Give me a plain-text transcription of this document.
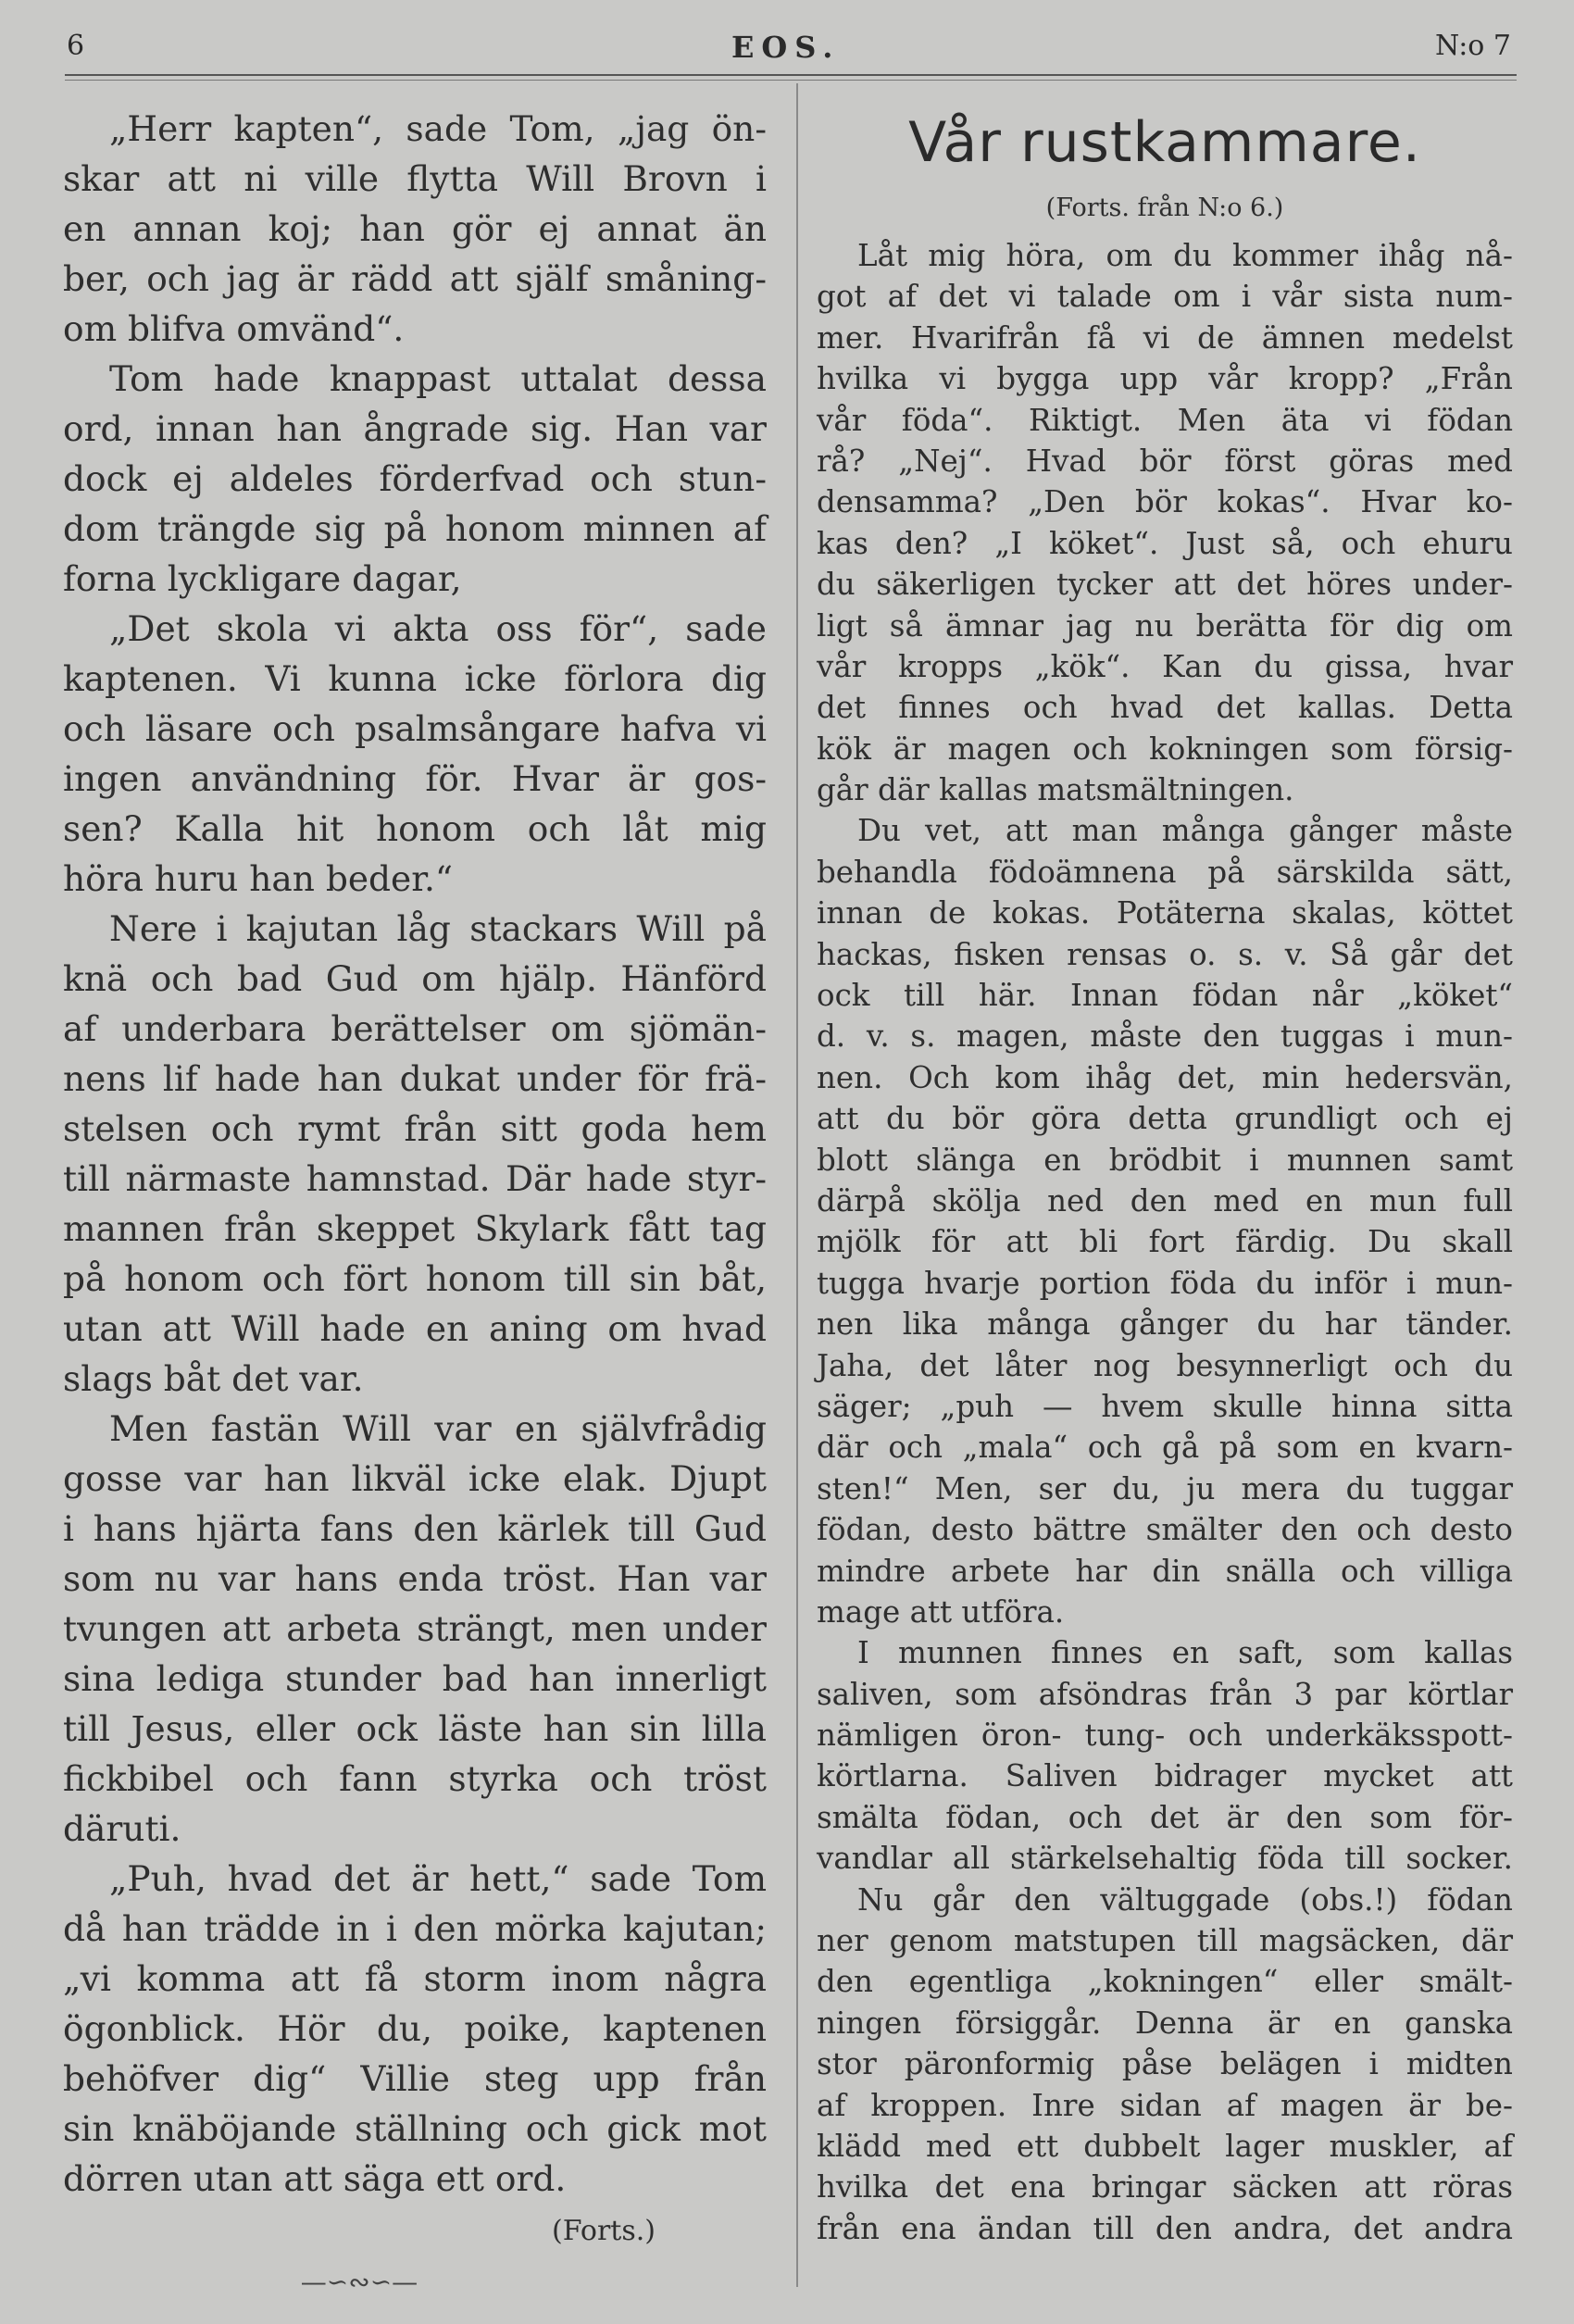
6	EOS.	N:o 7
„Herr kapten“, sade Tom, „jag ön-
skar att ni ville flytta Will Brovn i
en annan koj; han gör ej annat än
ber, och jag är rädd att själf småning-
om blifva omvänd“.
Tom hade knappast uttalat dessa
ord, innan han ångrade sig. Han var
dock ej aldeles förderfvad och stun-
dom trängde sig på honom minnen af
forna lyckligare dagar,
„Det skola vi akta oss för“, sade
kaptenen. Vi kunna icke förlora dig
och läsare och psalmsångare hafva vi
ingen användning för. Hvar är gos-
sen? Kalla hit honom och låt mig
höra huru han beder.“
Nere i kajutan låg stackars Will på
knä och bad Gud om hjälp. Hänförd
af underbara berättelser om sjömän-
nens lif hade han dukat under för frä-
stelsen och rymt från sitt goda hem
till närmaste hamnstad. Där hade styr-
mannen från skeppet Skylark fått tag
på honom och fört honom till sin båt,
utan att Will hade en aning om hvad
slags båt det var.
Men fastän Will var en självfrådig
gosse var han likväl icke elak. Djupt
i hans hjärta fans den kärlek till Gud
som nu var hans enda tröst. Han var
tvungen att arbeta strängt, men under
sina lediga stunder bad han innerligt
till Jesus, eller ock läste han sin lilla
fickbibel och fann styrka och tröst
däruti.
„Puh, hvad det är hett,“ sade Tom
då han trädde in i den mörka kajutan;
„vi komma att få storm inom några
ögonblick. Hör du, poike, kaptenen
behöfver dig“ Villie steg upp från
sin knäböjande ställning och gick mot
dörren utan att säga ett ord.
(Forts.)
—∽∾∽—
Vår rustkammare.
(Forts. från N:o 6.)
Låt mig höra, om du kommer ihåg nå-
got af det vi talade om i vår sista num-
mer. Hvarifrån få vi de ämnen medelst
hvilka vi bygga upp vår kropp? „Från
vår föda“. Riktigt. Men äta vi födan
rå? „Nej“. Hvad bör först göras med
densamma? „Den bör kokas“. Hvar ko-
kas den? „I köket“. Just så, och ehuru
du säkerligen tycker att det höres under-
ligt så ämnar jag nu berätta för dig om
vår kropps „kök“. Kan du gissa, hvar
det finnes och hvad det kallas. Detta
kök är magen och kokningen som försig-
går där kallas matsmältningen.
Du vet, att man många gånger måste
behandla födoämnena på särskilda sätt,
innan de kokas. Potäterna skalas, köttet
hackas, fisken rensas o. s. v. Så går det
ock till här. Innan födan når „köket“
d. v. s. magen, måste den tuggas i mun-
nen. Och kom ihåg det, min hedersvän,
att du bör göra detta grundligt och ej
blott slänga en brödbit i munnen samt
därpå skölja ned den med en mun full
mjölk för att bli fort färdig. Du skall
tugga hvarje portion föda du inför i mun-
nen lika många gånger du har tänder.
Jaha, det låter nog besynnerligt och du
säger; „puh — hvem skulle hinna sitta
där och „mala“ och gå på som en kvarn-
sten!“ Men, ser du, ju mera du tuggar
födan, desto bättre smälter den och desto
mindre arbete har din snälla och villiga
mage att utföra.
I munnen finnes en saft, som kallas
saliven, som afsöndras från 3 par körtlar
nämligen öron- tung- och underkäksspott-
körtlarna. Saliven bidrager mycket att
smälta födan, och det är den som för-
vandlar all stärkelsehaltig föda till socker.
Nu går den vältuggade (obs.!) födan
ner genom matstupen till magsäcken, där
den egentliga „kokningen“ eller smält-
ningen försiggår. Denna är en ganska
stor päronformig påse belägen i midten
af kroppen. Inre sidan af magen är be-
klädd med ett dubbelt lager muskler, af
hvilka det ena bringar säcken att röras
från ena ändan till den andra, det andra
